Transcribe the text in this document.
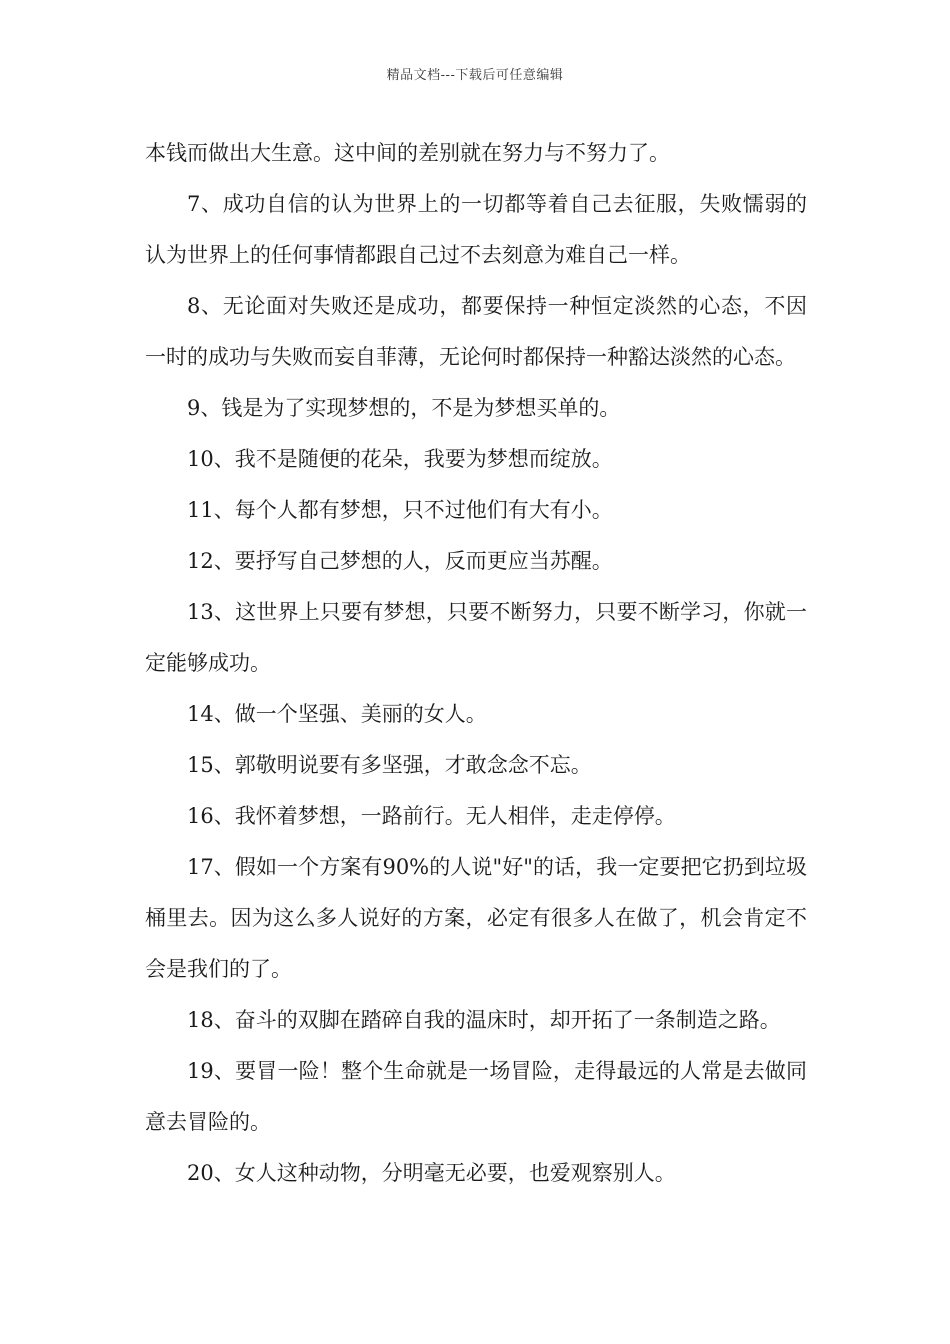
精品文档---下载后可任意编辑

本钱而做出大生意。这中间的差别就在努力与不努力了。

7、成功自信的认为世界上的一切都等着自己去征服，失败懦弱的认为世界上的任何事情都跟自己过不去刻意为难自己一样。

8、无论面对失败还是成功，都要保持一种恒定淡然的心态，不因一时的成功与失败而妄自菲薄，无论何时都保持一种豁达淡然的心态。

9、钱是为了实现梦想的，不是为梦想买单的。

10、我不是随便的花朵，我要为梦想而绽放。

11、每个人都有梦想，只不过他们有大有小。

12、要抒写自己梦想的人，反而更应当苏醒。

13、这世界上只要有梦想，只要不断努力，只要不断学习，你就一定能够成功。

14、做一个坚强、美丽的女人。

15、郭敬明说要有多坚强，才敢念念不忘。

16、我怀着梦想，一路前行。无人相伴，走走停停。

17、假如一个方案有90%的人说"好"的话，我一定要把它扔到垃圾桶里去。因为这么多人说好的方案，必定有很多人在做了，机会肯定不会是我们的了。

18、奋斗的双脚在踏碎自我的温床时，却开拓了一条制造之路。

19、要冒一险！整个生命就是一场冒险，走得最远的人常是去做同意去冒险的。

20、女人这种动物，分明毫无必要，也爱观察别人。
